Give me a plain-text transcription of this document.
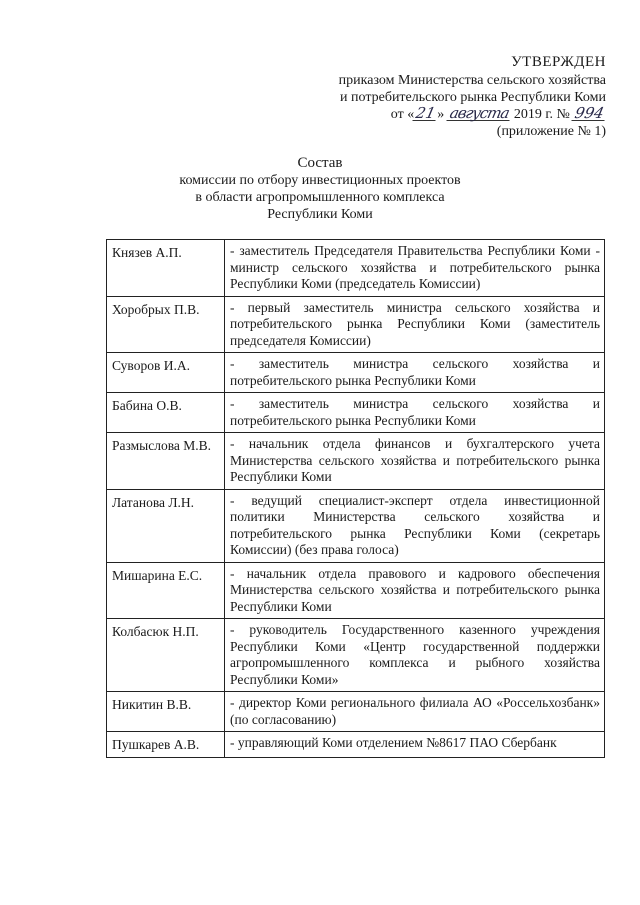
УТВЕРЖДЕН
приказом Министерства сельского хозяйства
и потребительского рынка Республики Коми
от «21» августа 2019 г. № 994
(приложение № 1)
Состав
комиссии по отбору инвестиционных проектов
в области агропромышленного комплекса
Республики Коми
Князев А.П.	- заместитель Председателя Правительства Республики Коми - министр сельского хозяйства и потребительского рынка Республики Коми (председатель Комиссии)
Хоробрых П.В.	- первый заместитель министра сельского хозяйства и потребительского рынка Республики Коми (заместитель председателя Комиссии)
Суворов И.А.	- заместитель министра сельского хозяйства и потребительского рынка Республики Коми
Бабина О.В.	- заместитель министра сельского хозяйства и потребительского рынка Республики Коми
Размыслова М.В.	- начальник отдела финансов и бухгалтерского учета Министерства сельского хозяйства и потребительского рынка Республики Коми
Латанова Л.Н.	- ведущий специалист-эксперт отдела инвестиционной политики Министерства сельского хозяйства и потребительского рынка Республики Коми (секретарь Комиссии) (без права голоса)
Мишарина Е.С.	- начальник отдела правового и кадрового обеспечения Министерства сельского хозяйства и потребительского рынка Республики Коми
Колбасюк Н.П.	- руководитель Государственного казенного учреждения Республики Коми «Центр государственной поддержки агропромышленного комплекса и рыбного хозяйства Республики Коми»
Никитин В.В.	- директор Коми регионального филиала АО «Россельхозбанк» (по согласованию)
Пушкарев А.В.	- управляющий Коми отделением №8617 ПАО Сбербанк
